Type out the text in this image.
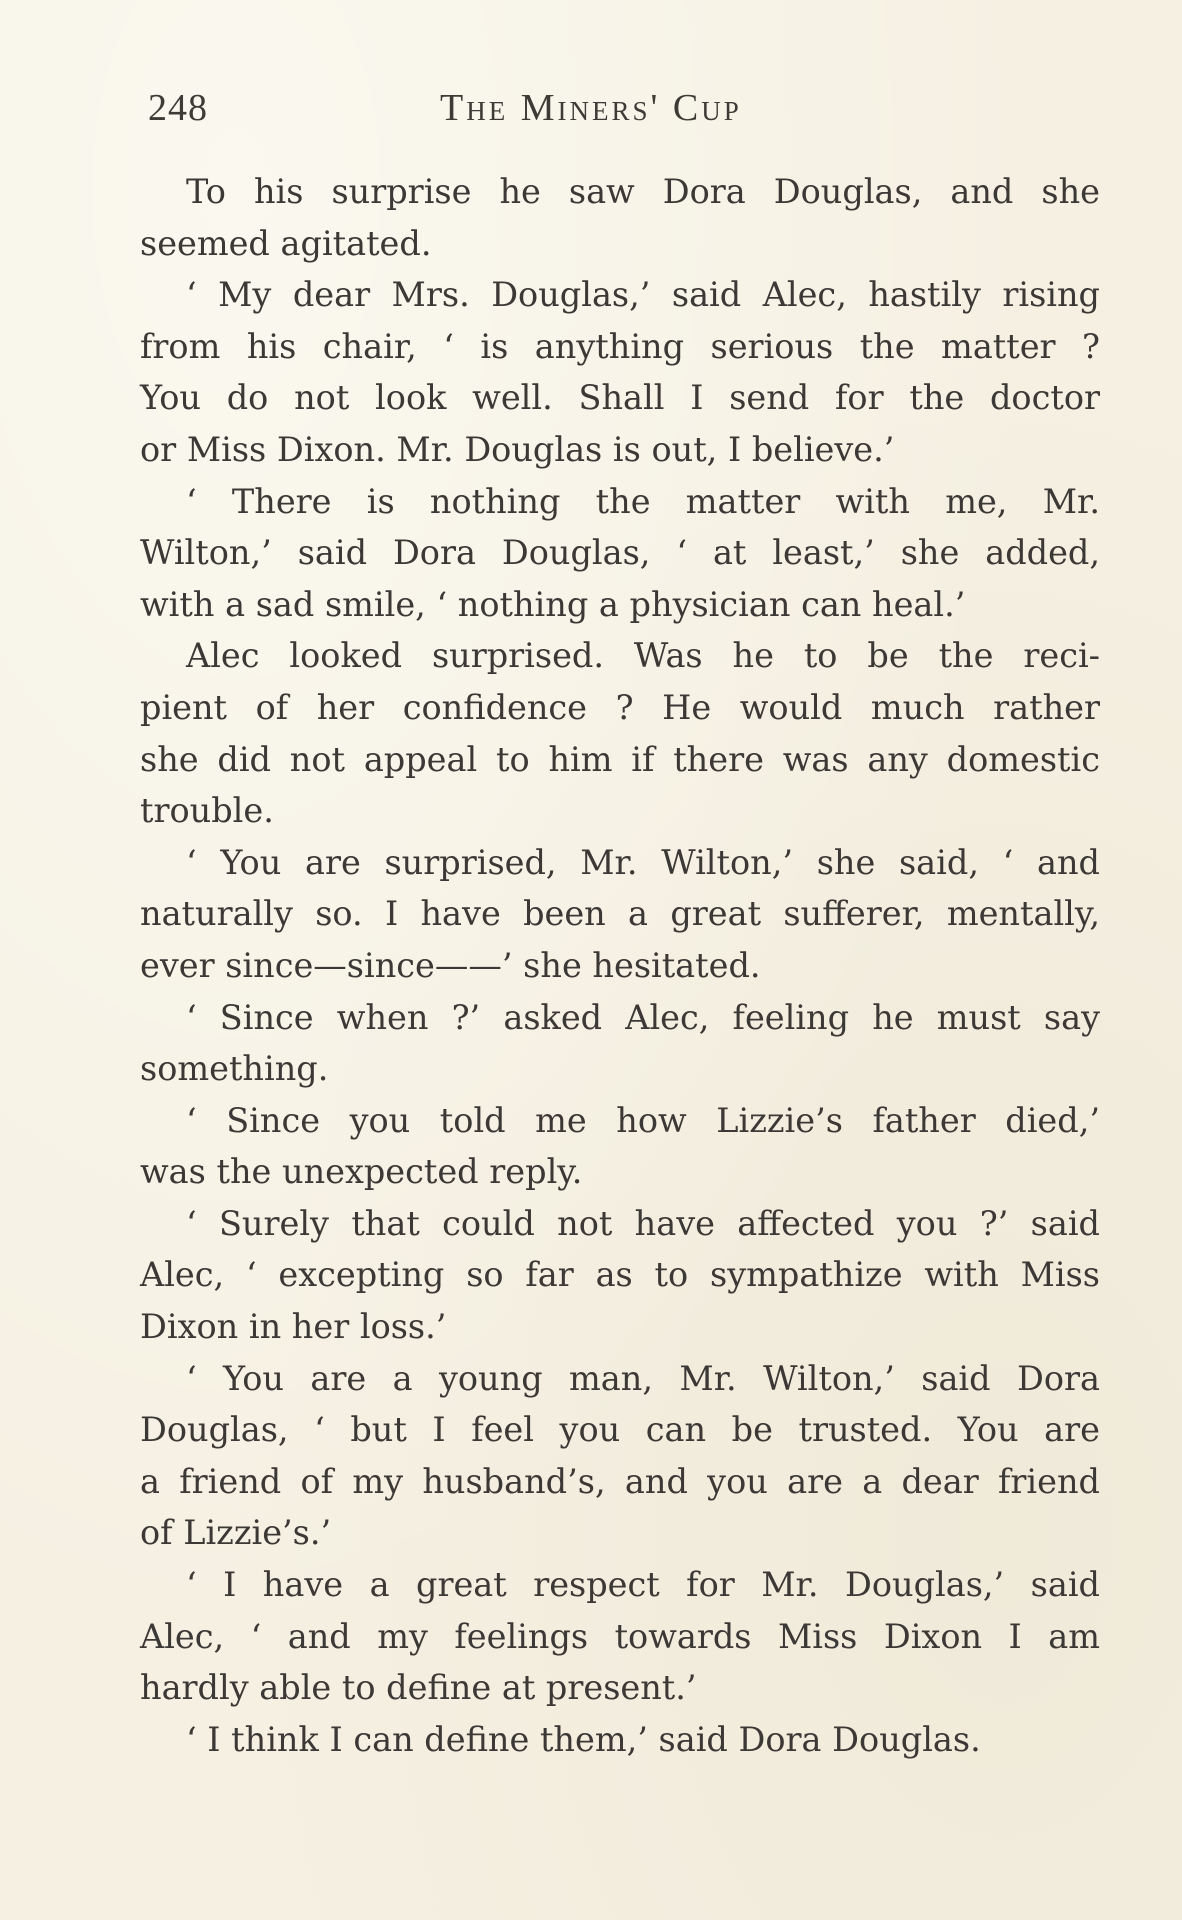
248	The Miners' Cup
To his surprise he saw Dora Douglas, and she
seemed agitated.
‘ My dear Mrs. Douglas,’ said Alec, hastily rising
from his chair, ‘ is anything serious the matter ?
You do not look well. Shall I send for the doctor
or Miss Dixon. Mr. Douglas is out, I believe.’
‘ There is nothing the matter with me, Mr.
Wilton,’ said Dora Douglas, ‘ at least,’ she added,
with a sad smile, ‘ nothing a physician can heal.’
Alec looked surprised. Was he to be the reci-
pient of her confidence ? He would much rather
she did not appeal to him if there was any domestic
trouble.
‘ You are surprised, Mr. Wilton,’ she said, ‘ and
naturally so. I have been a great sufferer, mentally,
ever since—since——’ she hesitated.
‘ Since when ?’ asked Alec, feeling he must say
something.
‘ Since you told me how Lizzie’s father died,’
was the unexpected reply.
‘ Surely that could not have affected you ?’ said
Alec, ‘ excepting so far as to sympathize with Miss
Dixon in her loss.’
‘ You are a young man, Mr. Wilton,’ said Dora
Douglas, ‘ but I feel you can be trusted. You are
a friend of my husband’s, and you are a dear friend
of Lizzie’s.’
‘ I have a great respect for Mr. Douglas,’ said
Alec, ‘ and my feelings towards Miss Dixon I am
hardly able to define at present.’
‘ I think I can define them,’ said Dora Douglas.
